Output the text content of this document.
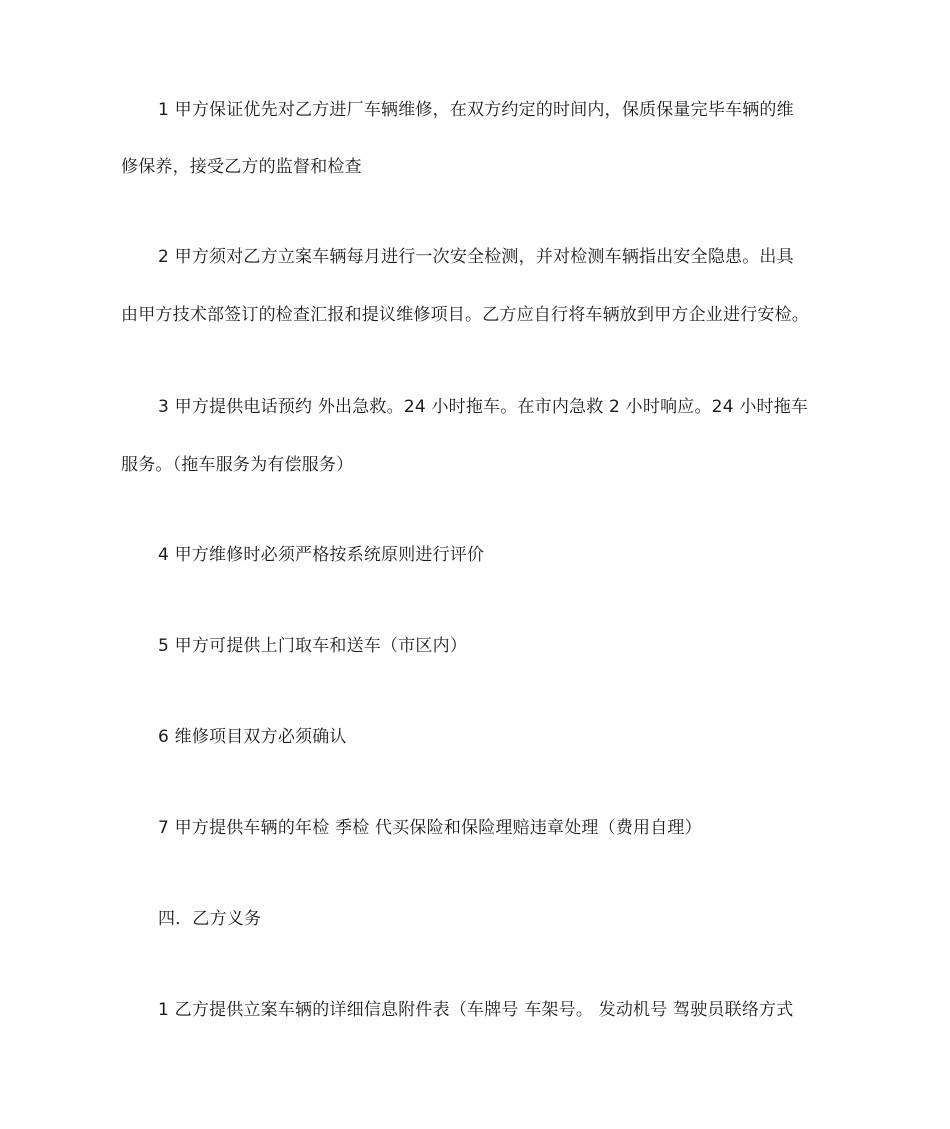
1 甲方保证优先对乙方进厂车辆维修，在双方约定的时间内，保质保量完毕车辆的维
修保养，接受乙方的监督和检查
2 甲方须对乙方立案车辆每月进行一次安全检测，并对检测车辆指出安全隐患。出具
由甲方技术部签订的检查汇报和提议维修项目。乙方应自行将车辆放到甲方企业进行安检。
3 甲方提供电话预约 外出急救。24 小时拖车。在市内急救 2 小时响应。24 小时拖车
服务。（拖车服务为有偿服务）
4 甲方维修时必须严格按系统原则进行评价
5 甲方可提供上门取车和送车（市区内）
6 维修项目双方必须确认
7 甲方提供车辆的年检 季检 代买保险和保险理赔违章处理（费用自理）
四．乙方义务
1 乙方提供立案车辆的详细信息附件表（车牌号 车架号。 发动机号 驾驶员联络方式
